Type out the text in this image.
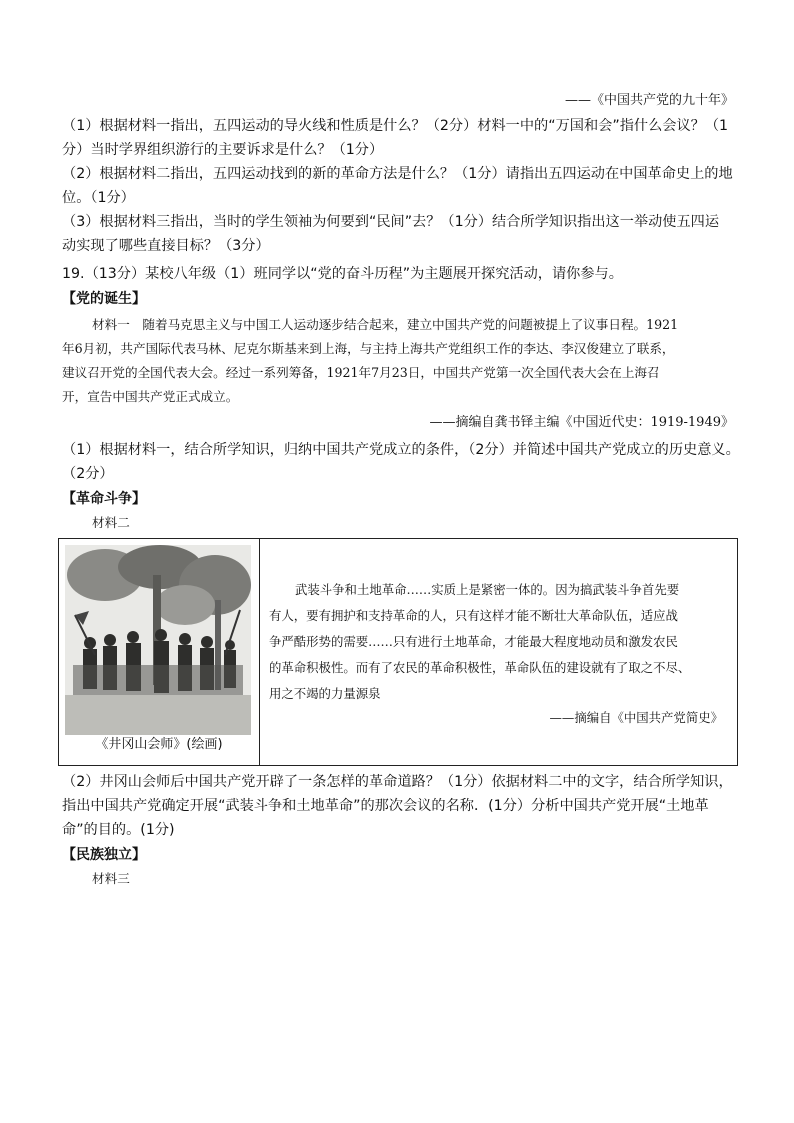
——《中国共产党的九十年》
（1）根据材料一指出，五四运动的导火线和性质是什么？（2分）材料一中的“万国和会”指什么会议？（1
分）当时学界组织游行的主要诉求是什么？（1分）
（2）根据材料二指出，五四运动找到的新的革命方法是什么？（1分）请指出五四运动在中国革命史上的地
位。（1分）
（3）根据材料三指出，当时的学生领袖为何要到“民间”去？（1分）结合所学知识指出这一举动使五四运
动实现了哪些直接目标？（3分）
19.（13分）某校八年级（1）班同学以“党的奋斗历程”为主题展开探究活动，请你参与。
【党的诞生】
材料一　随着马克思主义与中国工人运动逐步结合起来，建立中国共产党的问题被提上了议事日程。1921
年6月初，共产国际代表马林、尼克尔斯基来到上海，与主持上海共产党组织工作的李达、李汉俊建立了联系，
建议召开党的全国代表大会。经过一系列筹备，1921年7月23日，中国共产党第一次全国代表大会在上海召
开，宣告中国共产党正式成立。
——摘编自龚书铎主编《中国近代史：1919-1949》
（1）根据材料一，结合所学知识，归纳中国共产党成立的条件，（2分）并简述中国共产党成立的历史意义。
（2分）
【革命斗争】
材料二
《井冈山会师》(绘画)
武装斗争和土地革命……实质上是紧密一体的。因为搞武装斗争首先要
有人，要有拥护和支持革命的人，只有这样才能不断壮大革命队伍，适应战
争严酷形势的需要……只有进行土地革命，才能最大程度地动员和激发农民
的革命积极性。而有了农民的革命积极性，革命队伍的建设就有了取之不尽、
用之不竭的力量源泉
——摘编自《中国共产党简史》
（2）井冈山会师后中国共产党开辟了一条怎样的革命道路？（1分）依据材料二中的文字，结合所学知识，
指出中国共产党确定开展“武装斗争和土地革命”的那次会议的名称．(1分）分析中国共产党开展“土地革
命”的目的。(1分)
【民族独立】
材料三
